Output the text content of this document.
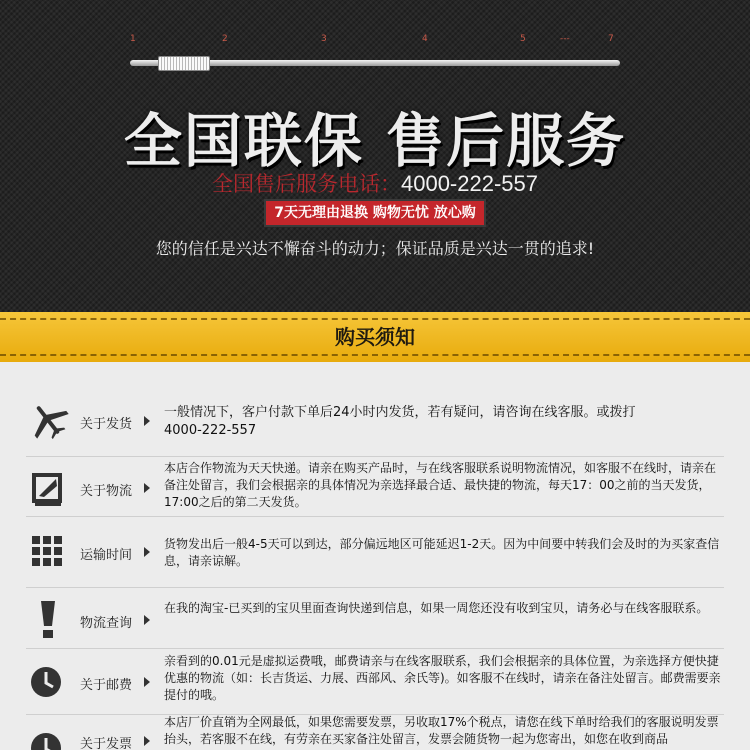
1	2	3	4	5	---	7
全国联保 售后服务
全国售后服务电话：4000-222-557
7天无理由退换 购物无忧 放心购
您的信任是兴达不懈奋斗的动力；保证品质是兴达一贯的追求!
购买须知
关于发货
一般情况下，客户付款下单后24小时内发货，若有疑问，请咨询在线客服。或拨打4000-222-557
关于物流
本店合作物流为天天快递。请亲在购买产品时，与在线客服联系说明物流情况，如客服不在线时，请亲在备注处留言，我们会根据亲的具体情况为亲选择最合适、最快捷的物流，每天17：00之前的当天发货，17:00之后的第二天发货。
运输时间
货物发出后一般4-5天可以到达，部分偏远地区可能延迟1-2天。因为中间要中转我们会及时的为买家查信息，请亲谅解。
物流查询
在我的淘宝-已买到的宝贝里面查询快递到信息，如果一周您还没有收到宝贝，请务必与在线客服联系。
关于邮费
亲看到的0.01元是虚拟运费哦，邮费请亲与在线客服联系，我们会根据亲的具体位置，为亲选择方便快捷优惠的物流（如：长吉货运、力展、西部风、余氏等)。如客服不在线时，请亲在备注处留言。邮费需要亲提付的哦。
关于发票
本店厂价直销为全网最低，如果您需要发票，另收取17%个税点，请您在线下单时给我们的客服说明发票抬头，若客服不在线，有劳亲在买家备注处留言，发票会随货物一起为您寄出，如您在收到商品
